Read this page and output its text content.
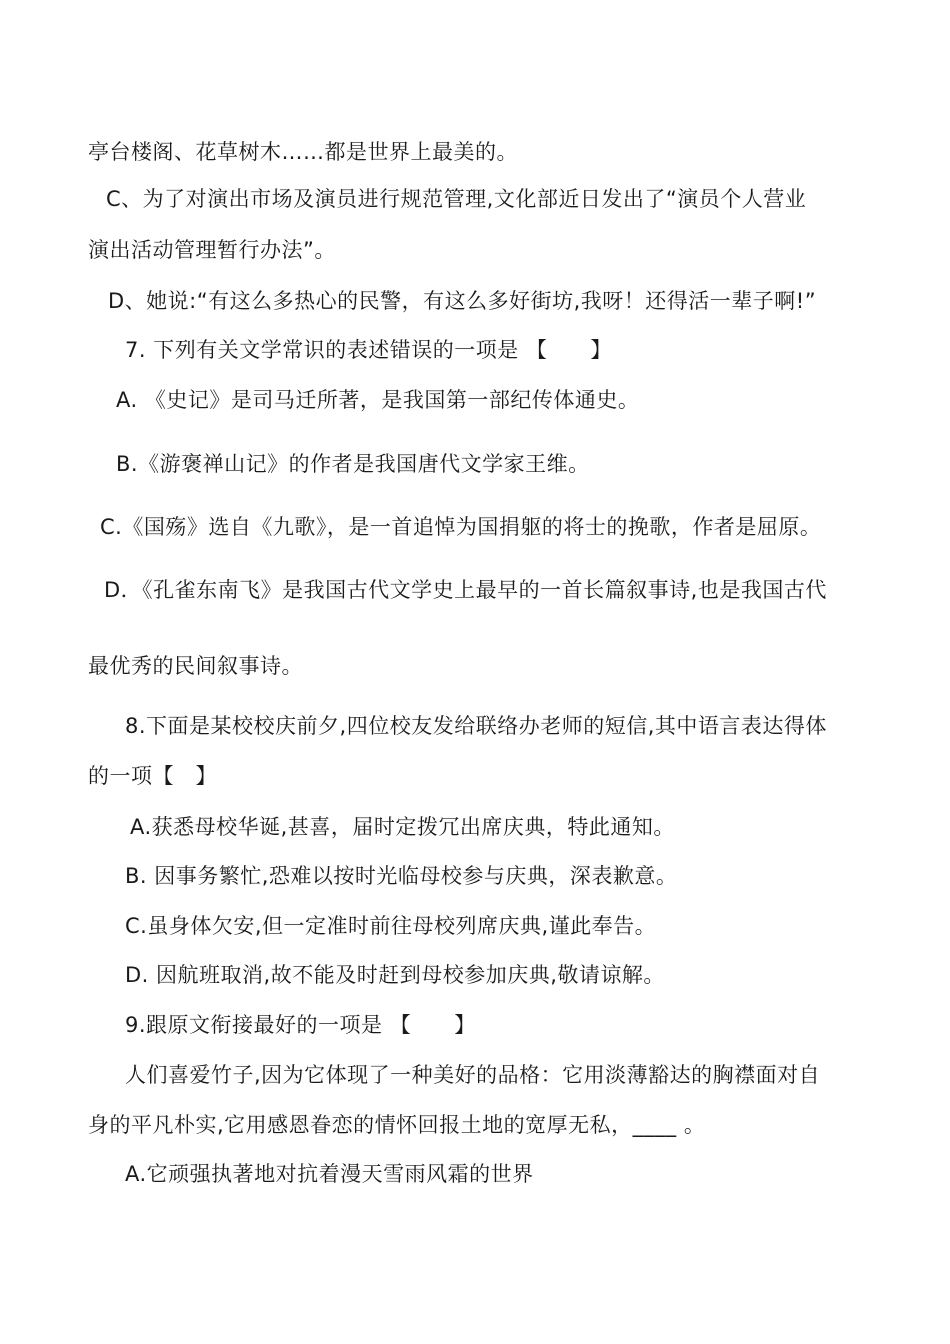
亭台楼阁、花草树木……都是世界上最美的。
C、为了对演出市场及演员进行规范管理,文化部近日发出了“演员个人营业
演出活动管理暂行办法”。
D、她说:“有这么多热心的民警，有这么多好街坊,我呀！还得活一辈子啊!”
7. 下列有关文学常识的表述错误的一项是 【　　】
A. 《史记》是司马迁所著，是我国第一部纪传体通史。
B.《游褒禅山记》的作者是我国唐代文学家王维。
C.《国殇》选自《九歌》，是一首追悼为国捐躯的将士的挽歌，作者是屈原。
D．《孔雀东南飞》是我国古代文学史上最早的一首长篇叙事诗,也是我国古代
最优秀的民间叙事诗。
8.下面是某校校庆前夕,四位校友发给联络办老师的短信,其中语言表达得体
的一项【　】
A.获悉母校华诞,甚喜，届时定拨冗出席庆典，特此通知。
B. 因事务繁忙,恐难以按时光临母校参与庆典，深表歉意。
C.虽身体欠安,但一定准时前往母校列席庆典,谨此奉告。
D. 因航班取消,故不能及时赶到母校参加庆典,敬请谅解。
9.跟原文衔接最好的一项是 【　　】
人们喜爱竹子,因为它体现了一种美好的品格：它用淡薄豁达的胸襟面对自
身的平凡朴实,它用感恩眷恋的情怀回报土地的宽厚无私，____ 。
A.它顽强执著地对抗着漫天雪雨风霜的世界
